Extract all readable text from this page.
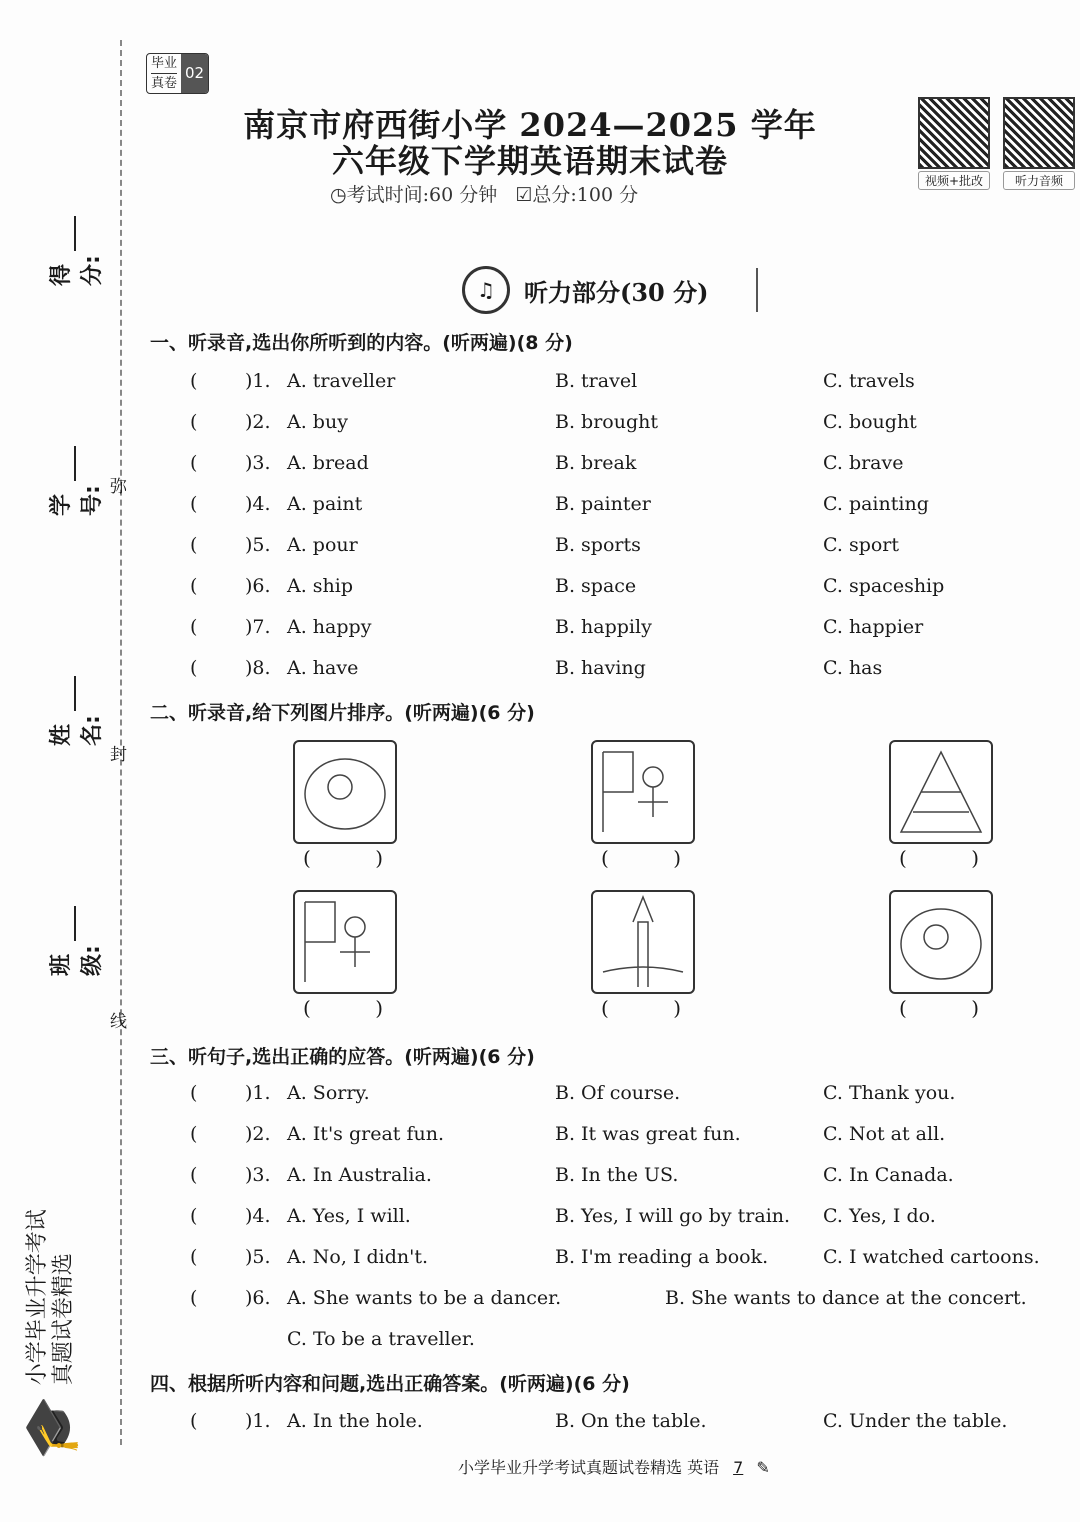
得分:
学号:
姓名:
班级:
弥
封
线
毕业
真卷
02
南京市府西街小学 2024—2025 学年
六年级下学期英语期末试卷
◷考试时间:60 分钟 ☑总分:100 分
视频+批改	听力音频
♫	听力部分(30 分)
一、听录音,选出你所听到的内容。(听两遍)(8 分)
(	)1. A. traveller	B. travel	C. travels
(	)2. A. buy	B. brought	C. bought
(	)3. A. bread	B. break	C. brave
(	)4. A. paint	B. painter	C. painting
(	)5. A. pour	B. sports	C. sport
(	)6. A. ship	B. space	C. spaceship
(	)7. A. happy	B. happily	C. happier
(	)8. A. have	B. having	C. has
二、听录音,给下列图片排序。(听两遍)(6 分)
(	)	(	)	(	)
(	)	(	)	(	)
三、听句子,选出正确的应答。(听两遍)(6 分)
(	)1. A. Sorry.	B. Of course.	C. Thank you.
(	)2. A. It's great fun.	B. It was great fun.	C. Not at all.
(	)3. A. In Australia.	B. In the US.	C. In Canada.
(	)4. A. Yes, I will.	B. Yes, I will go by train. C. Yes, I do.
(	)5. A. No, I didn't.	B. I'm reading a book.	C. I watched cartoons.
(	)6. A. She wants to be a dancer.	B. She wants to dance at the concert.
C. To be a traveller.
四、根据所听内容和问题,选出正确答案。(听两遍)(6 分)
(	)1. A. In the hole.	B. On the table.	C. Under the table.
小学毕业升学考试真题试卷精选 英语 7 ✎
🎓
小学毕业升学考试 真题试卷精选
